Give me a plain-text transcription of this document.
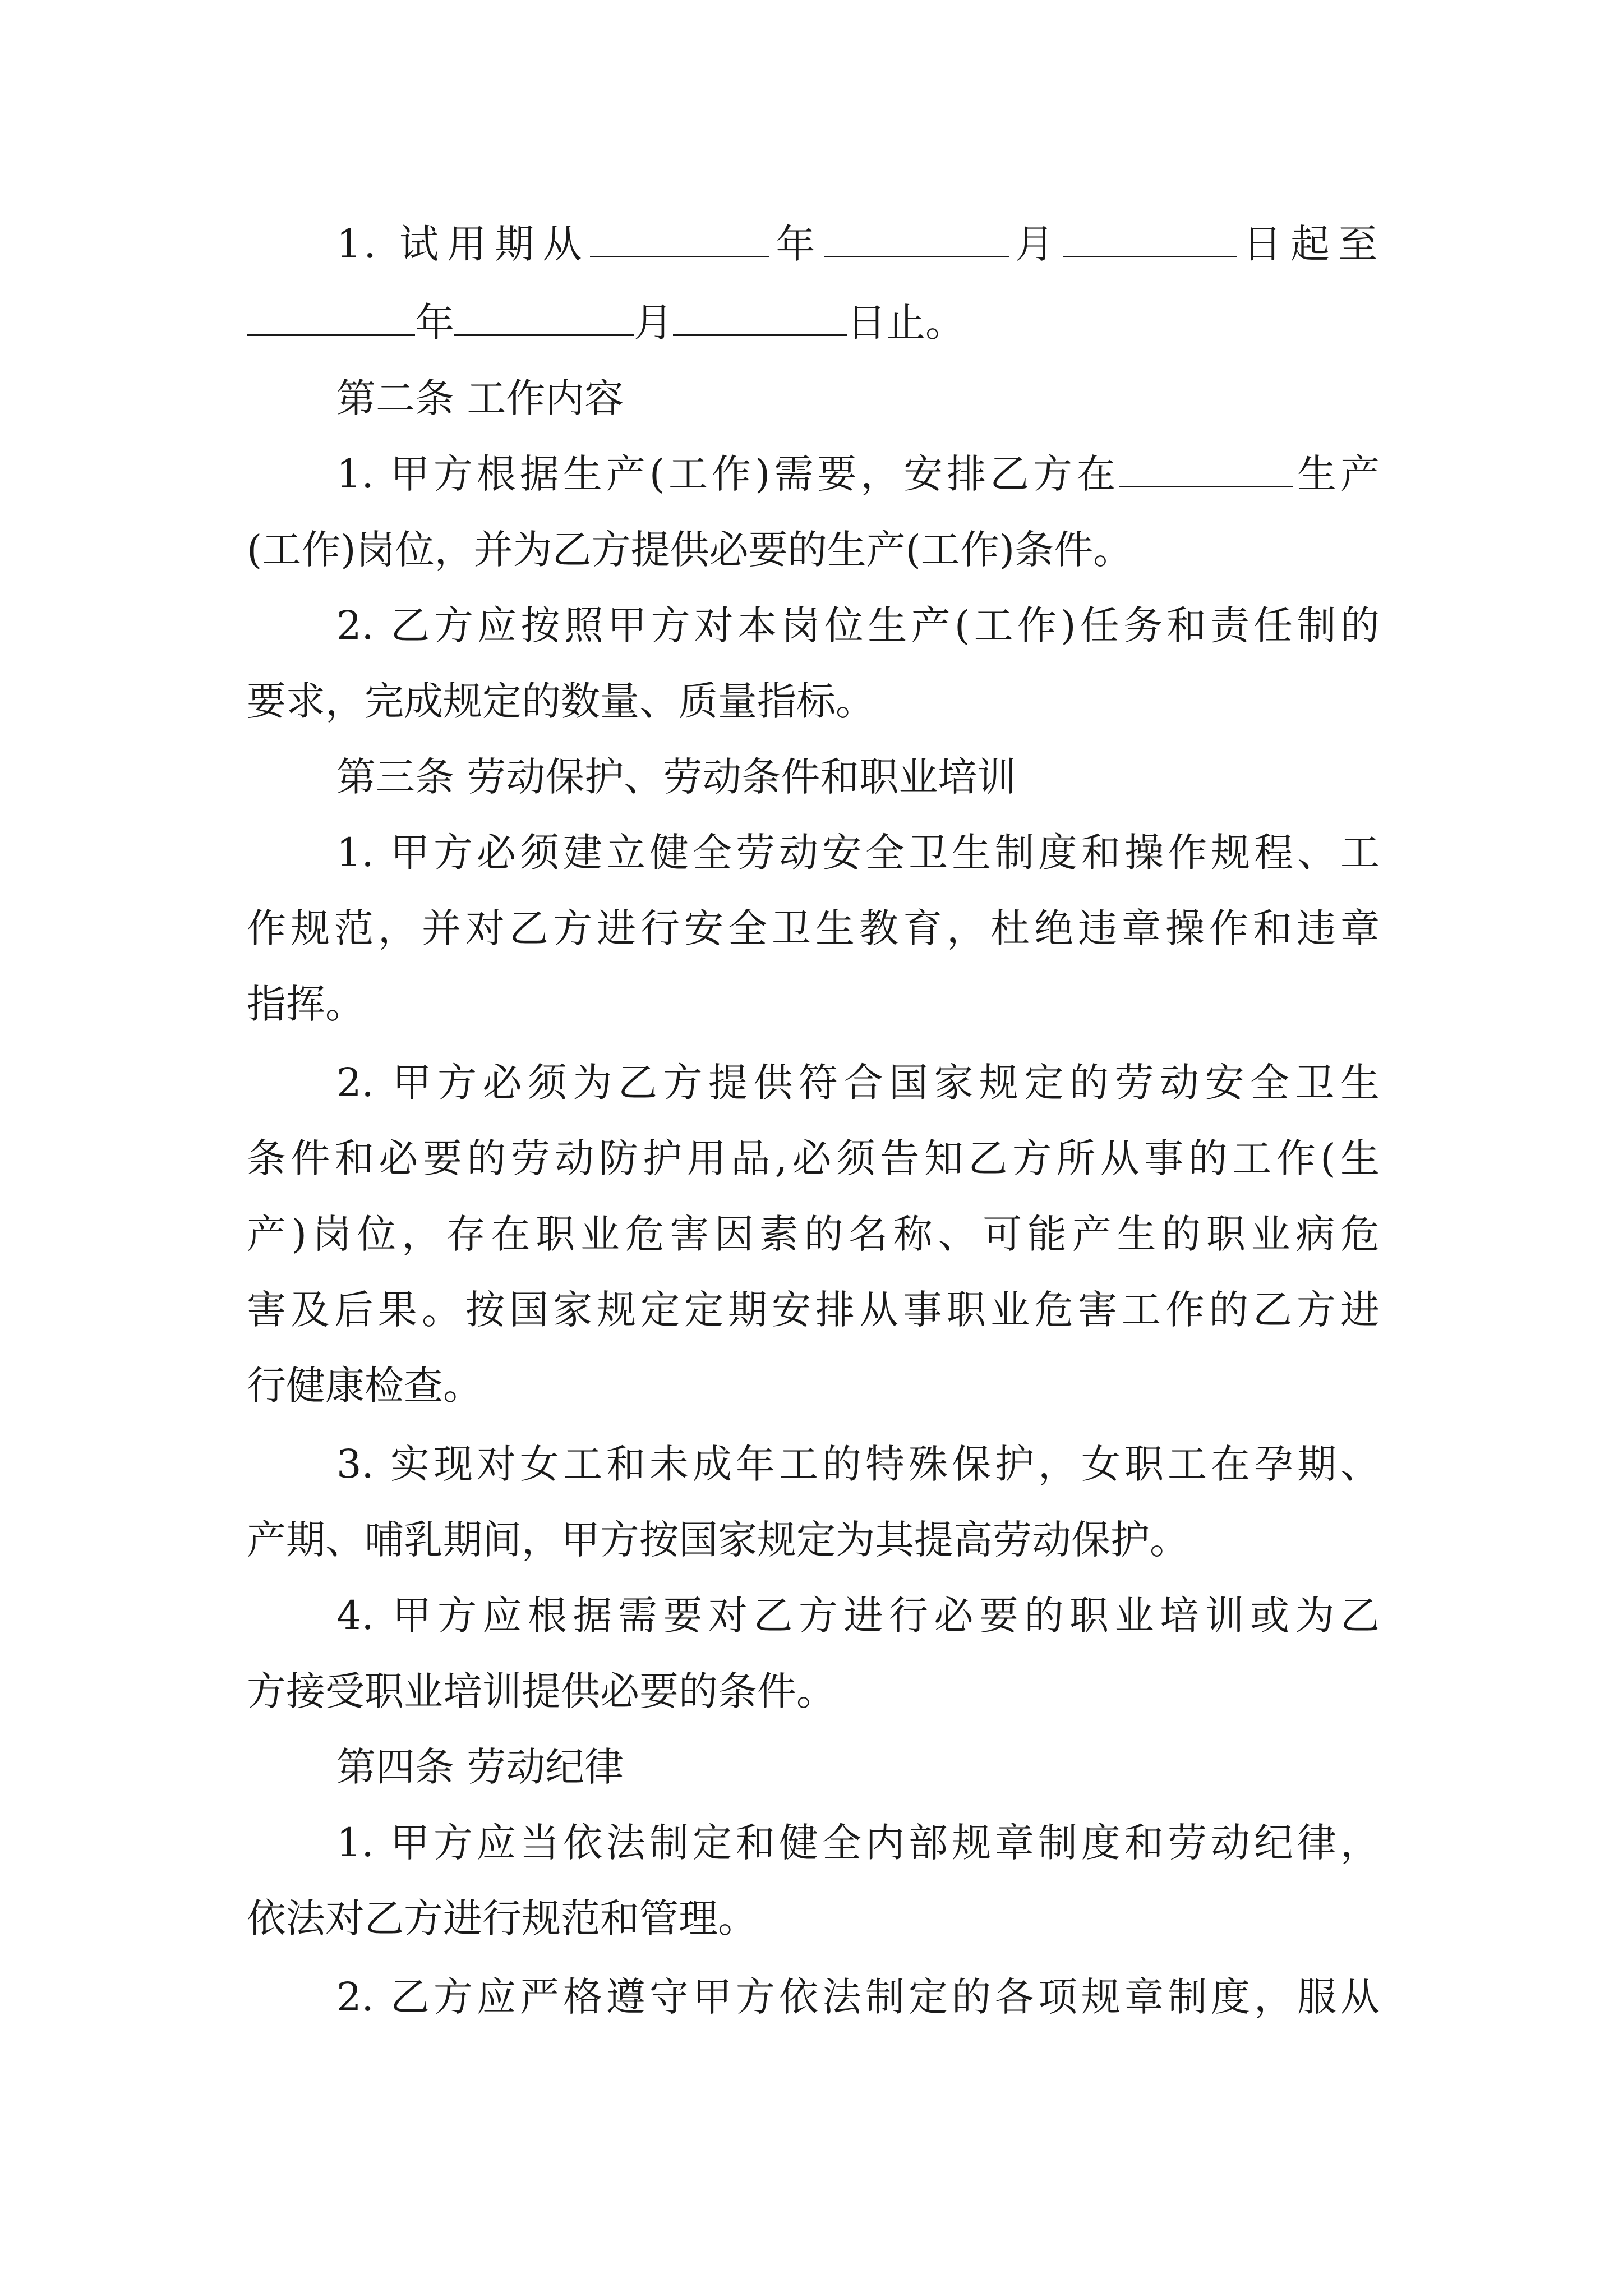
1. 试用期从	年	月	日起至

年	月	日止。

第二条 工作内容

1. 甲方根据生产(工作)需要，安排乙方在	生产

(工作)岗位，并为乙方提供必要的生产(工作)条件。

2. 乙方应按照甲方对本岗位生产(工作)任务和责任制的

要求，完成规定的数量、质量指标。

第三条 劳动保护、劳动条件和职业培训

1. 甲方必须建立健全劳动安全卫生制度和操作规程、工

作规范，并对乙方进行安全卫生教育，杜绝违章操作和违章

指挥。

2. 甲方必须为乙方提供符合国家规定的劳动安全卫生

条件和必要的劳动防护用品,必须告知乙方所从事的工作(生

产)岗位，存在职业危害因素的名称、可能产生的职业病危

害及后果。按国家规定定期安排从事职业危害工作的乙方进

行健康检查。

3. 实现对女工和未成年工的特殊保护，女职工在孕期、

产期、哺乳期间，甲方按国家规定为其提高劳动保护。

4. 甲方应根据需要对乙方进行必要的职业培训或为乙

方接受职业培训提供必要的条件。

第四条 劳动纪律

1. 甲方应当依法制定和健全内部规章制度和劳动纪律，

依法对乙方进行规范和管理。

2. 乙方应严格遵守甲方依法制定的各项规章制度，服从
